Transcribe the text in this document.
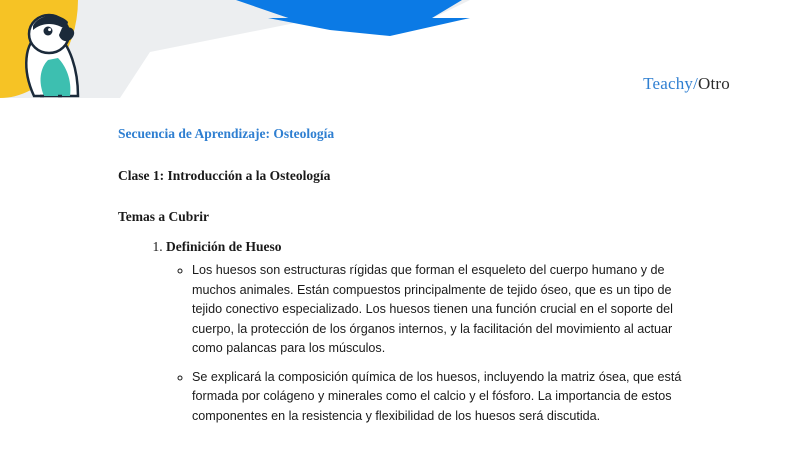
Teachy/Otro

Secuencia de Aprendizaje: Osteología

Clase 1: Introducción a la Osteología

Temas a Cubrir

1. Definición de Hueso
◦ Los huesos son estructuras rígidas que forman el esqueleto del cuerpo humano y de muchos animales. Están compuestos principalmente de tejido óseo, que es un tipo de tejido conectivo especializado. Los huesos tienen una función crucial en el soporte del cuerpo, la protección de los órganos internos, y la facilitación del movimiento al actuar como palancas para los músculos.
◦ Se explicará la composición química de los huesos, incluyendo la matriz ósea, que está formada por colágeno y minerales como el calcio y el fósforo. La importancia de estos componentes en la resistencia y flexibilidad de los huesos será discutida.
